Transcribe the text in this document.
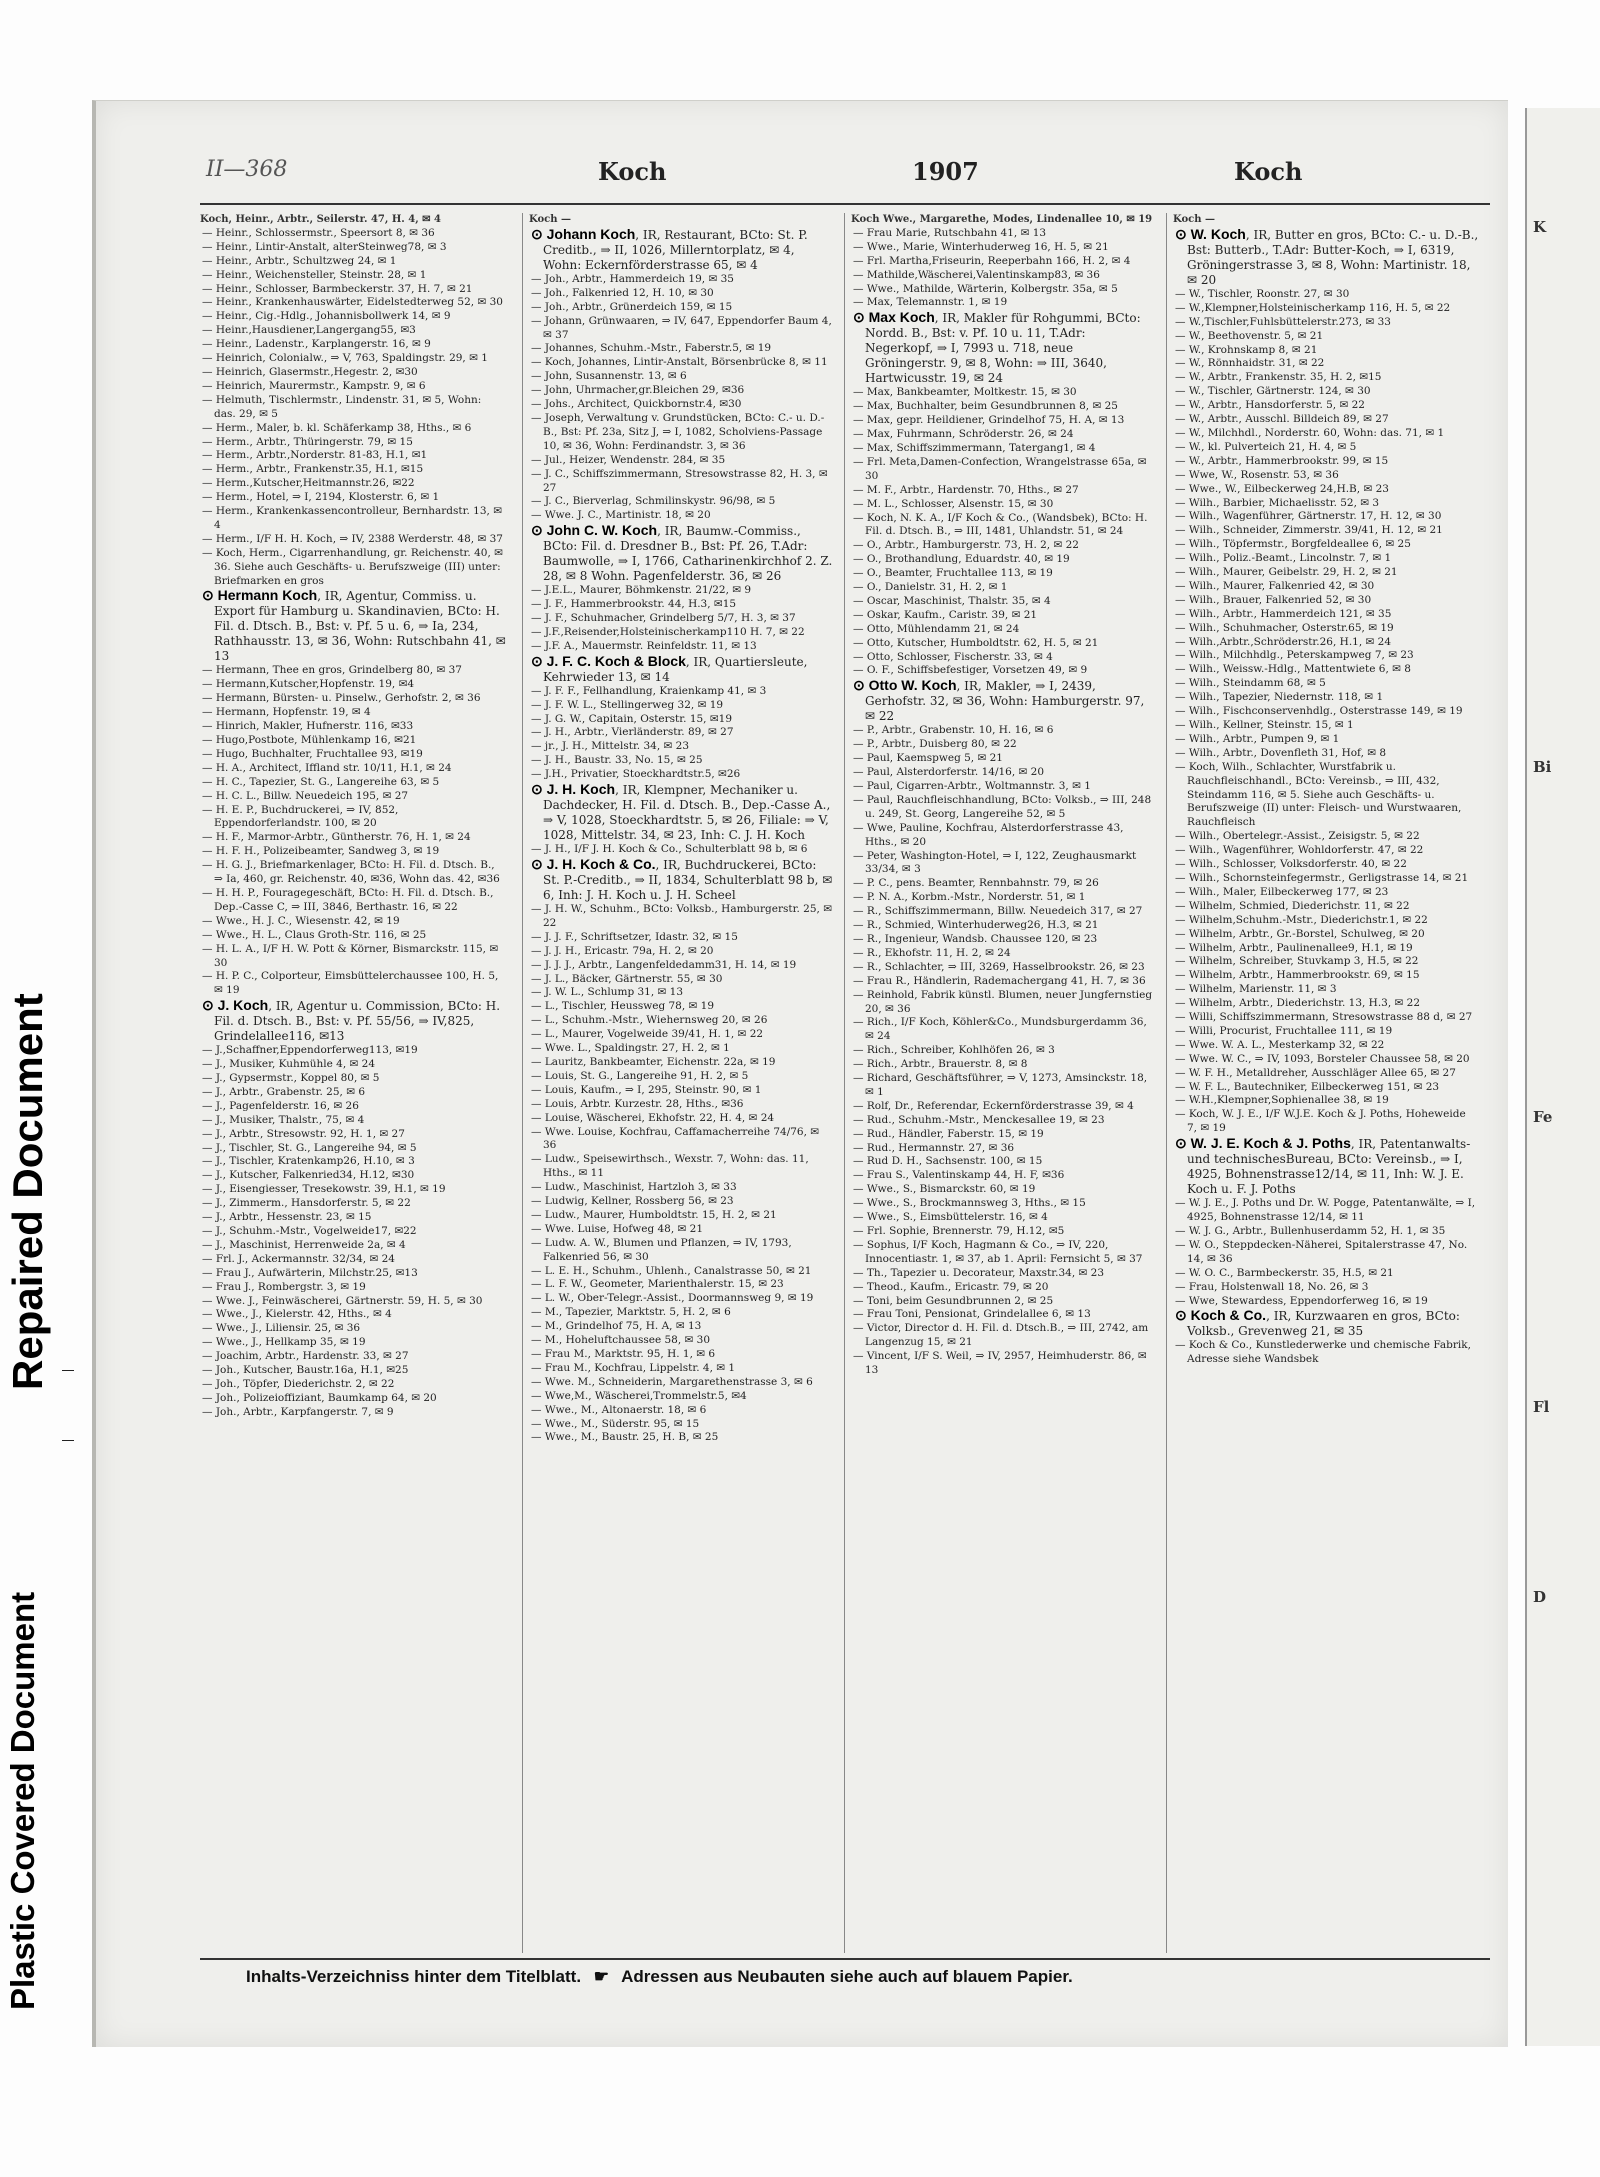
Repaired Document
Plastic Covered Document
K
Bi
Fe
Fl
D
II—368	Koch	1907	Koch
Koch, Heinr., Arbtr., Seilerstr. 47, H. 4, ✉ 4
— Heinr., Schlossermstr., Speersort 8, ✉ 36
— Heinr., Lintir-Anstalt, alterSteinweg78, ✉ 3
— Heinr., Arbtr., Schultzweg 24, ✉ 1
— Heinr., Weichensteller, Steinstr. 28, ✉ 1
— Heinr., Schlosser, Barmbeckerstr. 37, H. 7, ✉ 21
— Heinr., Krankenhauswärter, Eidelstedterweg 52, ✉ 30
— Heinr., Cig.-Hdlg., Johannisbollwerk 14, ✉ 9
— Heinr.,Hausdiener,Langergang55, ✉3
— Heinr., Ladenstr., Karplangerstr. 16, ✉ 9
— Heinrich, Colonialw., ⇒ V, 763, Spaldingstr. 29, ✉ 1
— Heinrich, Glasermstr.,Hegestr. 2, ✉30
— Heinrich, Maurermstr., Kampstr. 9, ✉ 6
— Helmuth, Tischlermstr., Lindenstr. 31, ✉ 5, Wohn: das. 29, ✉ 5
— Herm., Maler, b. kl. Schäferkamp 38, Hths., ✉ 6
— Herm., Arbtr., Thüringerstr. 79, ✉ 15
— Herm., Arbtr.,Norderstr. 81-83, H.1, ✉1
— Herm., Arbtr., Frankenstr.35, H.1, ✉15
— Herm.,Kutscher,Heitmannstr.26, ✉22
— Herm., Hotel, ⇒ I, 2194, Klosterstr. 6, ✉ 1
— Herm., Krankenkassencontrolleur, Bernhardstr. 13, ✉ 4
— Herm., I/F H. H. Koch, ⇒ IV, 2388 Werderstr. 48, ✉ 37
— Koch, Herm., Cigarrenhandlung, gr. Reichenstr. 40, ✉ 36. Siehe auch Geschäfts- u. Berufszweige (III) unter: Briefmarken en gros
⊙ Hermann Koch, IR, Agentur, Commiss. u. Export für Hamburg u. Skandinavien, BCto: H. Fil. d. Dtsch. B., Bst: v. Pf. 5 u. 6, ⇒ Ia, 234, Rathhausstr. 13, ✉ 36, Wohn: Rutschbahn 41, ✉ 13
— Hermann, Thee en gros, Grindelberg 80, ✉ 37
— Hermann,Kutscher,Hopfenstr. 19, ✉4
— Hermann, Bürsten- u. Pinselw., Gerhofstr. 2, ✉ 36
— Hermann, Hopfenstr. 19, ✉ 4
— Hinrich, Makler, Hufnerstr. 116, ✉33
— Hugo,Postbote, Mühlenkamp 16, ✉21
— Hugo, Buchhalter, Fruchtallee 93, ✉19
— H. A., Architect, Iffland str. 10/11, H.1, ✉ 24
— H. C., Tapezier, St. G., Langereihe 63, ✉ 5
— H. C. L., Billw. Neuedeich 195, ✉ 27
— H. E. P., Buchdruckerei, ⇒ IV, 852, Eppendorferlandstr. 100, ✉ 20
— H. F., Marmor-Arbtr., Güntherstr. 76, H. 1, ✉ 24
— H. F. H., Polizeibeamter, Sandweg 3, ✉ 19
— H. G. J., Briefmarkenlager, BCto: H. Fil. d. Dtsch. B., ⇒ Ia, 460, gr. Reichenstr. 40, ✉36, Wohn das. 42, ✉36
— H. H. P., Fouragegeschäft, BCto: H. Fil. d. Dtsch. B., Dep.-Casse C, ⇒ III, 3846, Berthastr. 16, ✉ 22
— Wwe., H. J. C., Wiesenstr. 42, ✉ 19
— Wwe., H. L., Claus Groth-Str. 116, ✉ 25
— H. L. A., I/F H. W. Pott & Körner, Bismarckstr. 115, ✉ 30
— H. P. C., Colporteur, Eimsbüttelerchaussee 100, H. 5, ✉ 19
⊙ J. Koch, IR, Agentur u. Commission, BCto: H. Fil. d. Dtsch. B., Bst: v. Pf. 55/56, ⇒ IV,825, Grindelallee116, ✉13
— J.,Schaffner,Eppendorferweg113, ✉19
— J., Musiker, Kuhmühle 4, ✉ 24
— J., Gypsermstr., Koppel 80, ✉ 5
— J., Arbtr., Grabenstr. 25, ✉ 6
— J., Pagenfelderstr. 16, ✉ 26
— J., Musiker, Thalstr., 75, ✉ 4
— J., Arbtr., Stresowstr. 92, H. 1, ✉ 27
— J., Tischler, St. G., Langereihe 94, ✉ 5
— J., Tischler, Kratenkamp26, H.10, ✉ 3
— J., Kutscher, Falkenried34, H.12, ✉30
— J., Eisengiesser, Tresekowstr. 39, H.1, ✉ 19
— J., Zimmerm., Hansdorferstr. 5, ✉ 22
— J., Arbtr., Hessenstr. 23, ✉ 15
— J., Schuhm.-Mstr., Vogelweide17, ✉22
— J., Maschinist, Herrenweide 2a, ✉ 4
— Frl. J., Ackermannstr. 32/34, ✉ 24
— Frau J., Aufwärterin, Milchstr.25, ✉13
— Frau J., Rombergstr. 3, ✉ 19
— Wwe. J., Feinwäscherei, Gärtnerstr. 59, H. 5, ✉ 30
— Wwe., J., Kielerstr. 42, Hths., ✉ 4
— Wwe., J., Liliensir. 25, ✉ 36
— Wwe., J., Hellkamp 35, ✉ 19
— Joachim, Arbtr., Hardenstr. 33, ✉ 27
— Joh., Kutscher, Baustr.16a, H.1, ✉25
— Joh., Töpfer, Diederichstr. 2, ✉ 22
— Joh., Polizeioffiziant, Baumkamp 64, ✉ 20
— Joh., Arbtr., Karpfangerstr. 7, ✉ 9
Koch —
⊙ Johann Koch, IR, Restaurant, BCto: St. P. Creditb., ⇒ II, 1026, Millerntorplatz, ✉ 4, Wohn: Eckernförderstrasse 65, ✉ 4
— Joh., Arbtr., Hammerdeich 19, ✉ 35
— Joh., Falkenried 12, H. 10, ✉ 30
— Joh., Arbtr., Grünerdeich 159, ✉ 15
— Johann, Grünwaaren, ⇒ IV, 647, Eppendorfer Baum 4, ✉ 37
— Johannes, Schuhm.-Mstr., Faberstr.5, ✉ 19
— Koch, Johannes, Lintir-Anstalt, Börsenbrücke 8, ✉ 11
— John, Susannenstr. 13, ✉ 6
— John, Uhrmacher,gr.Bleichen 29, ✉36
— Johs., Architect, Quickbornstr.4, ✉30
— Joseph, Verwaltung v. Grundstücken, BCto: C.- u. D.-B., Bst: Pf. 23a, Sitz J, ⇒ I, 1082, Scholviens-Passage 10, ✉ 36, Wohn: Ferdinandstr. 3, ✉ 36
— Jul., Heizer, Wendenstr. 284, ✉ 35
— J. C., Schiffszimmermann, Stresowstrasse 82, H. 3, ✉ 27
— J. C., Bierverlag, Schmilinskystr. 96/98, ✉ 5
— Wwe. J. C., Martinistr. 18, ✉ 20
⊙ John C. W. Koch, IR, Baumw.-Commiss., BCto: Fil. d. Dresdner B., Bst: Pf. 26, T.Adr: Baumwolle, ⇒ I, 1766, Catharinenkirchhof 2. Z. 28, ✉ 8 Wohn. Pagenfelderstr. 36, ✉ 26
— J.E.L., Maurer, Böhmkenstr. 21/22, ✉ 9
— J. F., Hammerbrookstr. 44, H.3, ✉15
— J. F., Schuhmacher, Grindelberg 5/7, H. 3, ✉ 37
— J.F.,Reisender,Holsteinischerkamp110 H. 7, ✉ 22
— J.F. A., Mauermstr. Reinfeldstr. 11, ✉ 13
⊙ J. F. C. Koch & Block, IR, Quartiersleute, Kehrwieder 13, ✉ 14
— J. F. F., Fellhandlung, Kraienkamp 41, ✉ 3
— J. F. W. L., Stellingerweg 32, ✉ 19
— J. G. W., Capitain, Osterstr. 15, ✉19
— J. H., Arbtr., Vierländerstr. 89, ✉ 27
— jr., J. H., Mittelstr. 34, ✉ 23
— J. H., Baustr. 33, No. 15, ✉ 25
— J.H., Privatier, Stoeckhardtstr.5, ✉26
⊙ J. H. Koch, IR, Klempner, Mechaniker u. Dachdecker, H. Fil. d. Dtsch. B., Dep.-Casse A., ⇒ V, 1028, Stoeckhardtstr. 5, ✉ 26, Filiale: ⇒ V, 1028, Mittelstr. 34, ✉ 23, Inh: C. J. H. Koch
— J. H., I/F J. H. Koch & Co., Schulterblatt 98 b, ✉ 6
⊙ J. H. Koch & Co., IR, Buchdruckerei, BCto: St. P.-Creditb., ⇒ II, 1834, Schulterblatt 98 b, ✉ 6, Inh: J. H. Koch u. J. H. Scheel
— J. H. W., Schuhm., BCto: Volksb., Hamburgerstr. 25, ✉ 22
— J. J. F., Schriftsetzer, Idastr. 32, ✉ 15
— J. J. H., Ericastr. 79a, H. 2, ✉ 20
— J. J. J., Arbtr., Langenfeldedamm31, H. 14, ✉ 19
— J. L., Bäcker, Gärtnerstr. 55, ✉ 30
— J. W. L., Schlump 31, ✉ 13
— L., Tischler, Heussweg 78, ✉ 19
— L., Schuhm.-Mstr., Wiehernsweg 20, ✉ 26
— L., Maurer, Vogelweide 39/41, H. 1, ✉ 22
— Wwe. L., Spaldingstr. 27, H. 2, ✉ 1
— Lauritz, Bankbeamter, Eichenstr. 22a, ✉ 19
— Louis, St. G., Langereihe 91, H. 2, ✉ 5
— Louis, Kaufm., ⇒ I, 295, Steinstr. 90, ✉ 1
— Louis, Arbtr. Kurzestr. 28, Hths., ✉36
— Louise, Wäscherei, Ekhofstr. 22, H. 4, ✉ 24
— Wwe. Louise, Kochfrau, Caffamacherreihe 74/76, ✉ 36
— Ludw., Speisewirthsch., Wexstr. 7, Wohn: das. 11, Hths., ✉ 11
— Ludw., Maschinist, Hartzloh 3, ✉ 33
— Ludwig, Kellner, Rossberg 56, ✉ 23
— Ludw., Maurer, Humboldtstr. 15, H. 2, ✉ 21
— Wwe. Luise, Hofweg 48, ✉ 21
— Ludw. A. W., Blumen und Pflanzen, ⇒ IV, 1793, Falkenried 56, ✉ 30
— L. E. H., Schuhm., Uhlenh., Canalstrasse 50, ✉ 21
— L. F. W., Geometer, Marienthalerstr. 15, ✉ 23
— L. W., Ober-Telegr.-Assist., Doormannsweg 9, ✉ 19
— M., Tapezier, Marktstr. 5, H. 2, ✉ 6
— M., Grindelhof 75, H. A, ✉ 13
— M., Hoheluftchaussee 58, ✉ 30
— Frau M., Marktstr. 95, H. 1, ✉ 6
— Frau M., Kochfrau, Lippelstr. 4, ✉ 1
— Wwe. M., Schneiderin, Margarethenstrasse 3, ✉ 6
— Wwe,M., Wäscherei,Trommelstr.5, ✉4
— Wwe., M., Altonaerstr. 18, ✉ 6
— Wwe., M., Süderstr. 95, ✉ 15
— Wwe., M., Baustr. 25, H. B, ✉ 25
Koch Wwe., Margarethe, Modes, Lindenallee 10, ✉ 19
— Frau Marie, Rutschbahn 41, ✉ 13
— Wwe., Marie, Winterhuderweg 16, H. 5, ✉ 21
— Frl. Martha,Friseurin, Reeperbahn 166, H. 2, ✉ 4
— Mathilde,Wäscherei,Valentinskamp83, ✉ 36
— Wwe., Mathilde, Wärterin, Kolbergstr. 35a, ✉ 5
— Max, Telemannstr. 1, ✉ 19
⊙ Max Koch, IR, Makler für Rohgummi, BCto: Nordd. B., Bst: v. Pf. 10 u. 11, T.Adr: Negerkopf, ⇒ I, 7993 u. 718, neue Gröningerstr. 9, ✉ 8, Wohn: ⇒ III, 3640, Hartwicusstr. 19, ✉ 24
— Max, Bankbeamter, Moltkestr. 15, ✉ 30
— Max, Buchhalter, beim Gesundbrunnen 8, ✉ 25
— Max, gepr. Heildiener, Grindelhof 75, H. A, ✉ 13
— Max, Fuhrmann, Schröderstr. 26, ✉ 24
— Max, Schiffszimmermann, Tatergang1, ✉ 4
— Frl. Meta,Damen-Confection, Wrangelstrasse 65a, ✉ 30
— M. F., Arbtr., Hardenstr. 70, Hths., ✉ 27
— M. L., Schlosser, Alsenstr. 15, ✉ 30
— Koch, N. K. A., I/F Koch & Co., (Wandsbek), BCto: H. Fil. d. Dtsch. B., ⇒ III, 1481, Uhlandstr. 51, ✉ 24
— O., Arbtr., Hamburgerstr. 73, H. 2, ✉ 22
— O., Brothandlung, Eduardstr. 40, ✉ 19
— O., Beamter, Fruchtallee 113, ✉ 19
— O., Danielstr. 31, H. 2, ✉ 1
— Oscar, Maschinist, Thalstr. 35, ✉ 4
— Oskar, Kaufm., Caristr. 39, ✉ 21
— Otto, Mühlendamm 21, ✉ 24
— Otto, Kutscher, Humboldtstr. 62, H. 5, ✉ 21
— Otto, Schlosser, Fischerstr. 33, ✉ 4
— O. F., Schiffsbefestiger, Vorsetzen 49, ✉ 9
⊙ Otto W. Koch, IR, Makler, ⇒ I, 2439, Gerhofstr. 32, ✉ 36, Wohn: Hamburgerstr. 97, ✉ 22
— P., Arbtr., Grabenstr. 10, H. 16, ✉ 6
— P., Arbtr., Duisberg 80, ✉ 22
— Paul, Kaemspweg 5, ✉ 21
— Paul, Alsterdorferstr. 14/16, ✉ 20
— Paul, Cigarren-Arbtr., Woltmannstr. 3, ✉ 1
— Paul, Rauchfleischhandlung, BCto: Volksb., ⇒ III, 248 u. 249, St. Georg, Langereihe 52, ✉ 5
— Wwe, Pauline, Kochfrau, Alsterdorferstrasse 43, Hths., ✉ 20
— Peter, Washington-Hotel, ⇒ I, 122, Zeughausmarkt 33/34, ✉ 3
— P. C., pens. Beamter, Rennbahnstr. 79, ✉ 26
— P. N. A., Korbm.-Mstr., Norderstr. 51, ✉ 1
— R., Schiffszimmermann, Billw. Neuedeich 317, ✉ 27
— R., Schmied, Winterhuderweg26, H.3, ✉ 21
— R., Ingenieur, Wandsb. Chaussee 120, ✉ 23
— R., Ekhofstr. 11, H. 2, ✉ 24
— R., Schlachter, ⇒ III, 3269, Hasselbrookstr. 26, ✉ 23
— Frau R., Händlerin, Rademachergang 41, H. 7, ✉ 36
— Reinhold, Fabrik künstl. Blumen, neuer Jungfernstieg 20, ✉ 36
— Rich., I/F Koch, Köhler&Co., Mundsburgerdamm 36, ✉ 24
— Rich., Schreiber, Kohlhöfen 26, ✉ 3
— Rich., Arbtr., Brauerstr. 8, ✉ 8
— Richard, Geschäftsführer, ⇒ V, 1273, Amsinckstr. 18, ✉ 1
— Rolf, Dr., Referendar, Eckernförderstrasse 39, ✉ 4
— Rud., Schuhm.-Mstr., Menckesallee 19, ✉ 23
— Rud., Händler, Faberstr. 15, ✉ 19
— Rud., Hermannstr. 27, ✉ 36
— Rud D. H., Sachsenstr. 100, ✉ 15
— Frau S., Valentinskamp 44, H. F, ✉36
— Wwe., S., Bismarckstr. 60, ✉ 19
— Wwe., S., Brockmannsweg 3, Hths., ✉ 15
— Wwe., S., Eimsbüttelerstr. 16, ✉ 4
— Frl. Sophie, Brennerstr. 79, H.12, ✉5
— Sophus, I/F Koch, Hagmann & Co., ⇒ IV, 220, Innocentiastr. 1, ✉ 37, ab 1. April: Fernsicht 5, ✉ 37
— Th., Tapezier u. Decorateur, Maxstr.34, ✉ 23
— Theod., Kaufm., Ericastr. 79, ✉ 20
— Toni, beim Gesundbrunnen 2, ✉ 25
— Frau Toni, Pensionat, Grindelallee 6, ✉ 13
— Victor, Director d. H. Fil. d. Dtsch.B., ⇒ III, 2742, am Langenzug 15, ✉ 21
— Vincent, I/F S. Weil, ⇒ IV, 2957, Heimhuderstr. 86, ✉ 13
Koch —
⊙ W. Koch, IR, Butter en gros, BCto: C.- u. D.-B., Bst: Butterb., T.Adr: Butter-Koch, ⇒ I, 6319, Gröningerstrasse 3, ✉ 8, Wohn: Martinistr. 18, ✉ 20
— W., Tischler, Roonstr. 27, ✉ 30
— W.,Klempner,Holsteinischerkamp 116, H. 5, ✉ 22
— W.,Tischler,Fuhlsbüttelerstr.273, ✉ 33
— W., Beethovenstr. 5, ✉ 21
— W., Krohnskamp 8, ✉ 21
— W., Rönnhaidstr. 31, ✉ 22
— W., Arbtr., Frankenstr. 35, H. 2, ✉15
— W., Tischler, Gärtnerstr. 124, ✉ 30
— W., Arbtr., Hansdorferstr. 5, ✉ 22
— W., Arbtr., Ausschl. Billdeich 89, ✉ 27
— W., Milchhdl., Norderstr. 60, Wohn: das. 71, ✉ 1
— W., kl. Pulverteich 21, H. 4, ✉ 5
— W., Arbtr., Hammerbrookstr. 99, ✉ 15
— Wwe, W., Rosenstr. 53, ✉ 36
— Wwe., W., Eilbeckerweg 24,H.B, ✉ 23
— Wilh., Barbier, Michaelisstr. 52, ✉ 3
— Wilh., Wagenführer, Gärtnerstr. 17, H. 12, ✉ 30
— Wilh., Schneider, Zimmerstr. 39/41, H. 12, ✉ 21
— Wilh., Töpfermstr., Borgfeldeallee 6, ✉ 25
— Wilh., Poliz.-Beamt., Lincolnstr. 7, ✉ 1
— Wilh., Maurer, Geibelstr. 29, H. 2, ✉ 21
— Wilh., Maurer, Falkenried 42, ✉ 30
— Wilh., Brauer, Falkenried 52, ✉ 30
— Wilh., Arbtr., Hammerdeich 121, ✉ 35
— Wilh., Schuhmacher, Osterstr.65, ✉ 19
— Wilh.,Arbtr.,Schröderstr.26, H.1, ✉ 24
— Wilh., Milchhdlg., Peterskampweg 7, ✉ 23
— Wilh., Weissw.-Hdlg., Mattentwiete 6, ✉ 8
— Wilh., Steindamm 68, ✉ 5
— Wilh., Tapezier, Niedernstr. 118, ✉ 1
— Wilh., Fischconservenhdlg., Osterstrasse 149, ✉ 19
— Wilh., Kellner, Steinstr. 15, ✉ 1
— Wilh., Arbtr., Pumpen 9, ✉ 1
— Wilh., Arbtr., Dovenfleth 31, Hof, ✉ 8
— Koch, Wilh., Schlachter, Wurstfabrik u. Rauchfleischhandl., BCto: Vereinsb., ⇒ III, 432, Steindamm 116, ✉ 5. Siehe auch Geschäfts- u. Berufszweige (II) unter: Fleisch- und Wurstwaaren, Rauchfleisch
— Wilh., Obertelegr.-Assist., Zeisigstr. 5, ✉ 22
— Wilh., Wagenführer, Wohldorferstr. 47, ✉ 22
— Wilh., Schlosser, Volksdorferstr. 40, ✉ 22
— Wilh., Schornsteinfegermstr., Gerligstrasse 14, ✉ 21
— Wilh., Maler, Eilbeckerweg 177, ✉ 23
— Wilhelm, Schmied, Diederichstr. 11, ✉ 22
— Wilhelm,Schuhm.-Mstr., Diederichstr.1, ✉ 22
— Wilhelm, Arbtr., Gr.-Borstel, Schulweg, ✉ 20
— Wilhelm, Arbtr., Paulinenallee9, H.1, ✉ 19
— Wilhelm, Schreiber, Stuvkamp 3, H.5, ✉ 22
— Wilhelm, Arbtr., Hammerbrookstr. 69, ✉ 15
— Wilhelm, Marienstr. 11, ✉ 3
— Wilhelm, Arbtr., Diederichstr. 13, H.3, ✉ 22
— Willi, Schiffszimmermann, Stresowstrasse 88 d, ✉ 27
— Willi, Procurist, Fruchtallee 111, ✉ 19
— Wwe. W. A. L., Mesterkamp 32, ✉ 22
— Wwe. W. C., ⇒ IV, 1093, Borsteler Chaussee 58, ✉ 20
— W. F. H., Metalldreher, Ausschläger Allee 65, ✉ 27
— W. F. L., Bautechniker, Eilbeckerweg 151, ✉ 23
— W.H.,Klempner,Sophienallee 38, ✉ 19
— Koch, W. J. E., I/F W.J.E. Koch & J. Poths, Hoheweide 7, ✉ 19
⊙ W. J. E. Koch & J. Poths, IR, Patentanwalts- und technischesBureau, BCto: Vereinsb., ⇒ I, 4925, Bohnenstrasse12/14, ✉ 11, Inh: W. J. E. Koch u. F. J. Poths
— W. J. E., J. Poths und Dr. W. Pogge, Patentanwälte, ⇒ I, 4925, Bohnenstrasse 12/14, ✉ 11
— W. J. G., Arbtr., Bullenhuserdamm 52, H. 1, ✉ 35
— W. O., Steppdecken-Näherei, Spitalerstrasse 47, No. 14, ✉ 36
— W. O. C., Barmbeckerstr. 35, H.5, ✉ 21
— Frau, Holstenwall 18, No. 26, ✉ 3
— Wwe, Stewardess, Eppendorferweg 16, ✉ 19
⊙ Koch & Co., IR, Kurzwaaren en gros, BCto: Volksb., Grevenweg 21, ✉ 35
— Koch & Co., Kunstlederwerke und chemische Fabrik, Adresse siehe Wandsbek
Inhalts-Verzeichniss hinter dem Titelblatt. ☛ Adressen aus Neubauten siehe auch auf blauem Papier.
